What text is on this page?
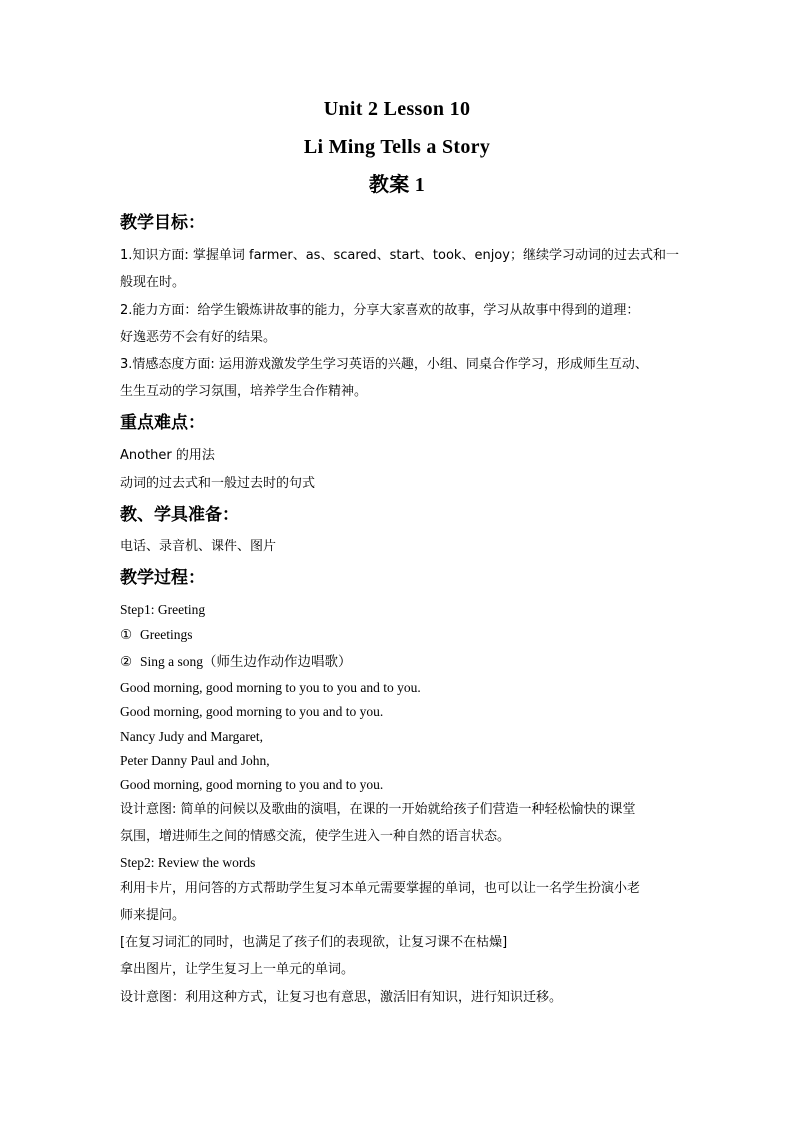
Unit 2 Lesson 10
Li Ming Tells a Story
教案 1
教学目标：
1.知识方面: 掌握单词 farmer、as、scared、start、took、enjoy；继续学习动词的过去式和一
般现在时。
2.能力方面：给学生锻炼讲故事的能力，分享大家喜欢的故事，学习从故事中得到的道理：
好逸恶劳不会有好的结果。
3.情感态度方面: 运用游戏激发学生学习英语的兴趣，小组、同桌合作学习，形成师生互动、
生生互动的学习氛围，培养学生合作精神。
重点难点：
Another 的用法
动词的过去式和一般过去时的句式
教、学具准备：
电话、录音机、课件、图片
教学过程：
Step1: Greeting
① Greetings
② Sing a song（师生边作动作边唱歌）
Good morning, good morning to you to you and to you.
Good morning, good morning to you and to you.
Nancy Judy and Margaret,
Peter Danny Paul and John,
Good morning, good morning to you and to you.
设计意图: 简单的问候以及歌曲的演唱，在课的一开始就给孩子们营造一种轻松愉快的课堂
氛围，增进师生之间的情感交流，使学生进入一种自然的语言状态。
Step2: Review the words
利用卡片，用问答的方式帮助学生复习本单元需要掌握的单词，也可以让一名学生扮演小老
师来提问。
[在复习词汇的同时，也满足了孩子们的表现欲，让复习课不在枯燥]
拿出图片，让学生复习上一单元的单词。
设计意图：利用这种方式，让复习也有意思，激活旧有知识，进行知识迁移。
